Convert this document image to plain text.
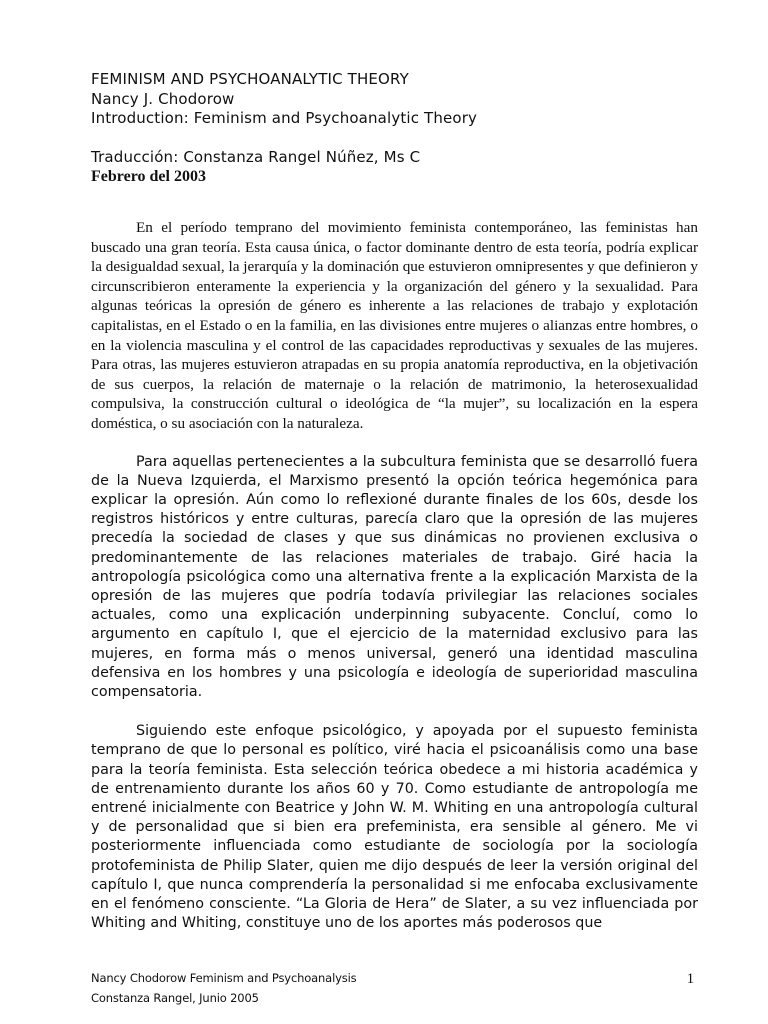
FEMINISM AND PSYCHOANALYTIC THEORY
Nancy J. Chodorow
Introduction: Feminism and Psychoanalytic Theory
Traducción: Constanza Rangel Núñez, Ms C
Febrero del 2003

En el período temprano del movimiento feminista contemporáneo, las feministas han buscado una gran teoría. Esta causa única, o factor dominante dentro de esta teoría, podría explicar la desigualdad sexual, la jerarquía y la dominación que estuvieron omnipresentes y que definieron y circunscribieron enteramente la experiencia y la organización del género y la sexualidad. Para algunas teóricas la opresión de género es inherente a las relaciones de trabajo y explotación capitalistas, en el Estado o en la familia, en las divisiones entre mujeres o alianzas entre hombres, o en la violencia masculina y el control de las capacidades reproductivas y sexuales de las mujeres. Para otras, las mujeres estuvieron atrapadas en su propia anatomía reproductiva, en la objetivación de sus cuerpos, la relación de maternaje o la relación de matrimonio, la heterosexualidad compulsiva, la construcción cultural o ideológica de “la mujer”, su localización en la espera doméstica, o su asociación con la naturaleza.

Para aquellas pertenecientes a la subcultura feminista que se desarrolló fuera de la Nueva Izquierda, el Marxismo presentó la opción teórica hegemónica para explicar la opresión. Aún como lo reflexioné durante finales de los 60s, desde los registros históricos y entre culturas, parecía claro que la opresión de las mujeres precedía la sociedad de clases y que sus dinámicas no provienen exclusiva o predominantemente de las relaciones materiales de trabajo. Giré hacia la antropología psicológica como una alternativa frente a la explicación Marxista de la opresión de las mujeres que podría todavía privilegiar las relaciones sociales actuales, como una explicación underpinning subyacente. Concluí, como lo argumento en capítulo I, que el ejercicio de la maternidad exclusivo para las mujeres, en forma más o menos universal, generó una identidad masculina defensiva en los hombres y una psicología e ideología de superioridad masculina compensatoria.

Siguiendo este enfoque psicológico, y apoyada por el supuesto feminista temprano de que lo personal es político, viré hacia el psicoanálisis como una base para la teoría feminista. Esta selección teórica obedece a mi historia académica y de entrenamiento durante los años 60 y 70. Como estudiante de antropología me entrené inicialmente con Beatrice y John W. M. Whiting en una antropología cultural y de personalidad que si bien era prefeminista, era sensible al género. Me vi posteriormente influenciada como estudiante de sociología por la sociología protofeminista de Philip Slater, quien me dijo después de leer la versión original del capítulo I, que nunca comprendería la personalidad si me enfocaba exclusivamente en el fenómeno consciente. “La Gloria de Hera” de Slater, a su vez influenciada por Whiting and Whiting, constituye uno de los aportes más poderosos que

Nancy Chodorow Feminism and Psychoanalysis
Constanza Rangel, Junio 2005
1
